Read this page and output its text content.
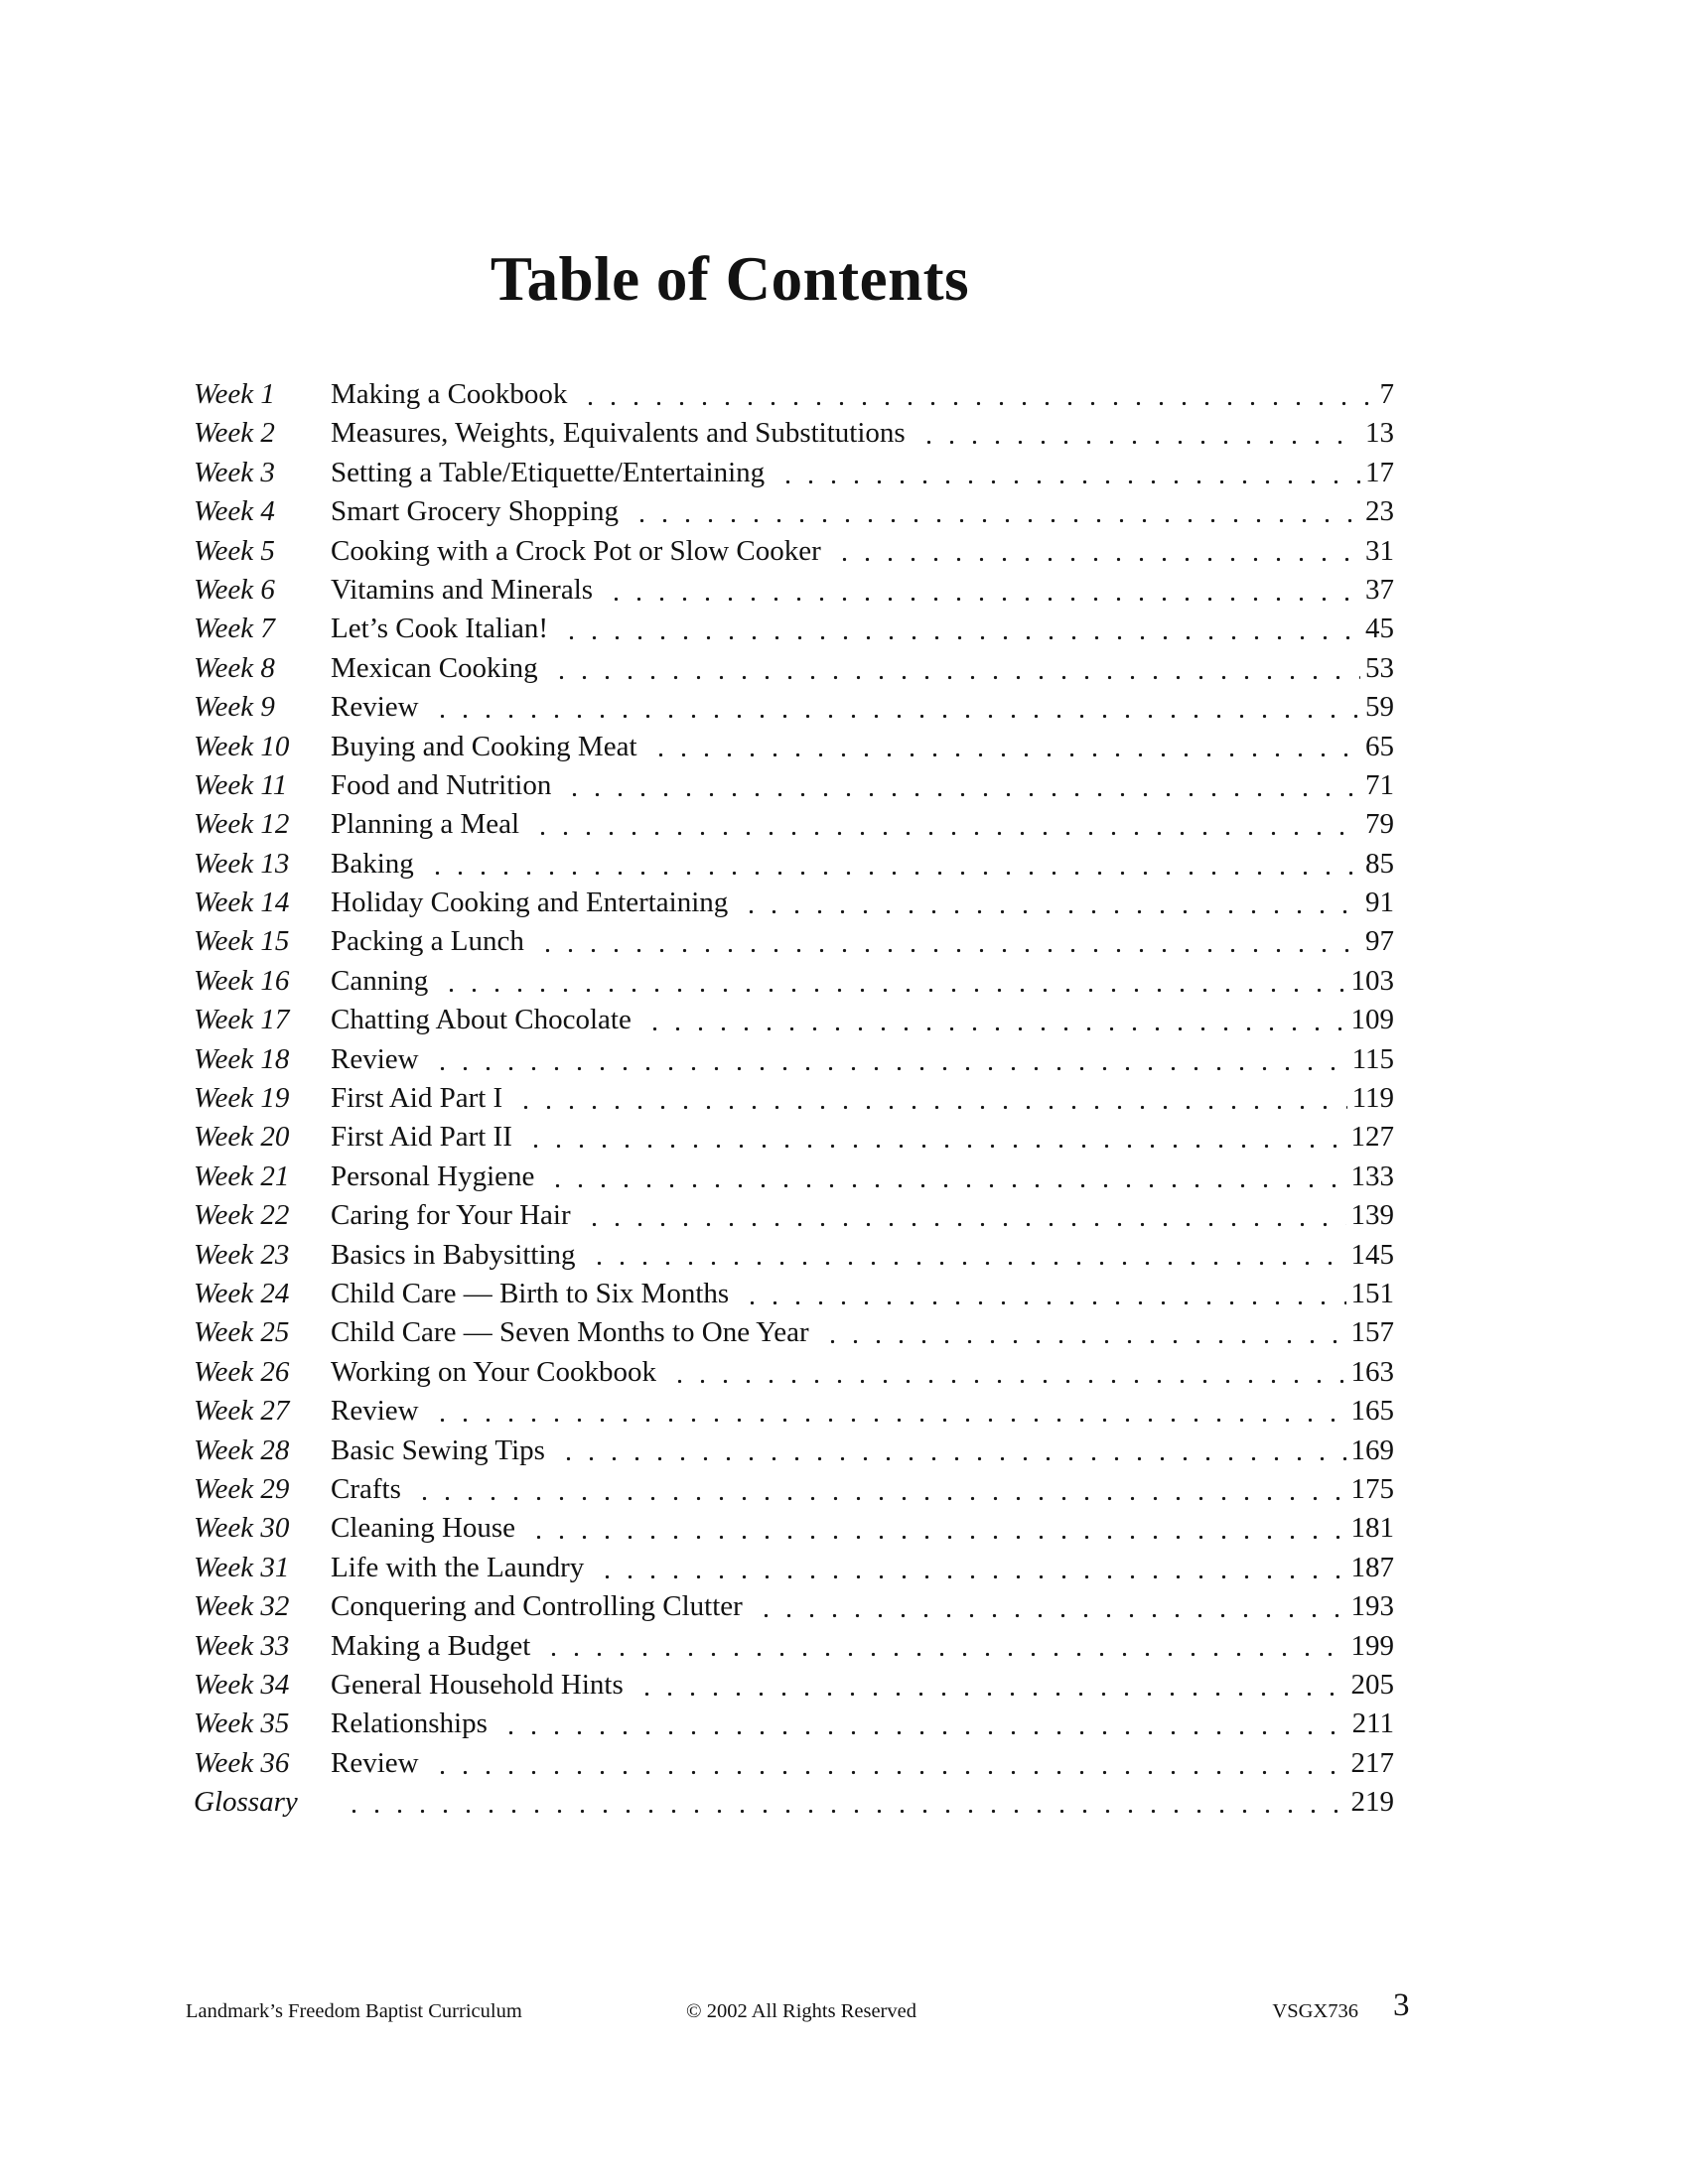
Table of Contents
Week 1	Making a Cookbook	7
Week 2	Measures, Weights, Equivalents and Substitutions	13
Week 3	Setting a Table/Etiquette/Entertaining	17
Week 4	Smart Grocery Shopping	23
Week 5	Cooking with a Crock Pot or Slow Cooker	31
Week 6	Vitamins and Minerals	37
Week 7	Let’s Cook Italian!	45
Week 8	Mexican Cooking	53
Week 9	Review	59
Week 10	Buying and Cooking Meat	65
Week 11	Food and Nutrition	71
Week 12	Planning a Meal	79
Week 13	Baking	85
Week 14	Holiday Cooking and Entertaining	91
Week 15	Packing a Lunch	97
Week 16	Canning	103
Week 17	Chatting About Chocolate	109
Week 18	Review	115
Week 19	First Aid Part I	119
Week 20	First Aid Part II	127
Week 21	Personal Hygiene	133
Week 22	Caring for Your Hair	139
Week 23	Basics in Babysitting	145
Week 24	Child Care — Birth to Six Months	151
Week 25	Child Care — Seven Months to One Year	157
Week 26	Working on Your Cookbook	163
Week 27	Review	165
Week 28	Basic Sewing Tips	169
Week 29	Crafts	175
Week 30	Cleaning House	181
Week 31	Life with the Laundry	187
Week 32	Conquering and Controlling Clutter	193
Week 33	Making a Budget	199
Week 34	General Household Hints	205
Week 35	Relationships	211
Week 36	Review	217
Glossary	219
Landmark’s Freedom Baptist Curriculum	© 2002 All Rights Reserved	VSGX736 3
